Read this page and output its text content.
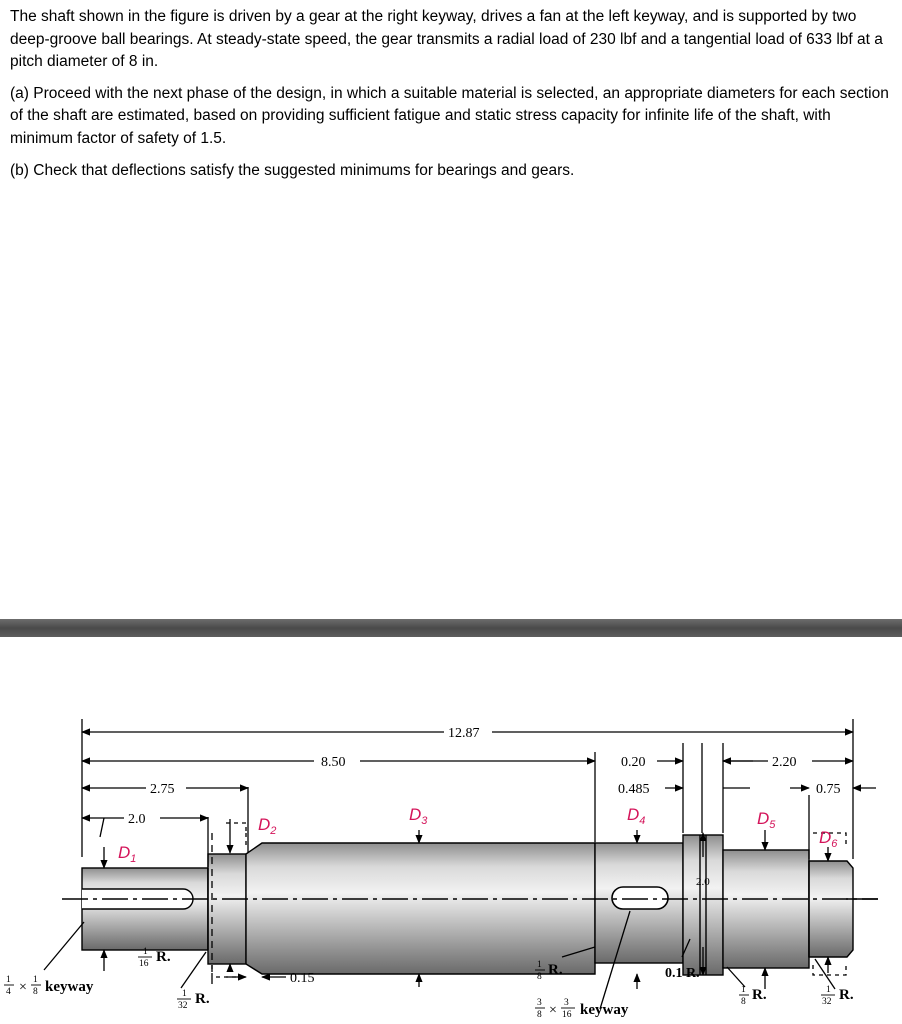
The shaft shown in the figure is driven by a gear at the right keyway, drives a fan at the left keyway, and is supported by two deep-groove ball bearings. At steady-state speed, the gear transmits a radial load of 230 lbf and a tangential load of 633 lbf at a pitch diameter of 8 in.

(a) Proceed with the next phase of the design, in which a suitable material is selected, an appropriate diameters for each section of the shaft are estimated, based on providing sufficient fatigue and static stress capacity for infinite life of the shaft, with minimum factor of safety of 1.5.

(b) Check that deflections satisfy the suggested minimums for bearings and gears.

12.87
8.50
2.75
2.0
0.20
0.485
2.20
0.75
0.15
2.0
$D_1$
$D_2$
$D_3$	$D_4$	$D_5$
$D_6$
1
4 × 1
8 keyway
1
16 R.
1
32 R.
1
8 R.
3
8 × 3
16 keyway
0.1 R.
1
8 R.	1
32 R.
